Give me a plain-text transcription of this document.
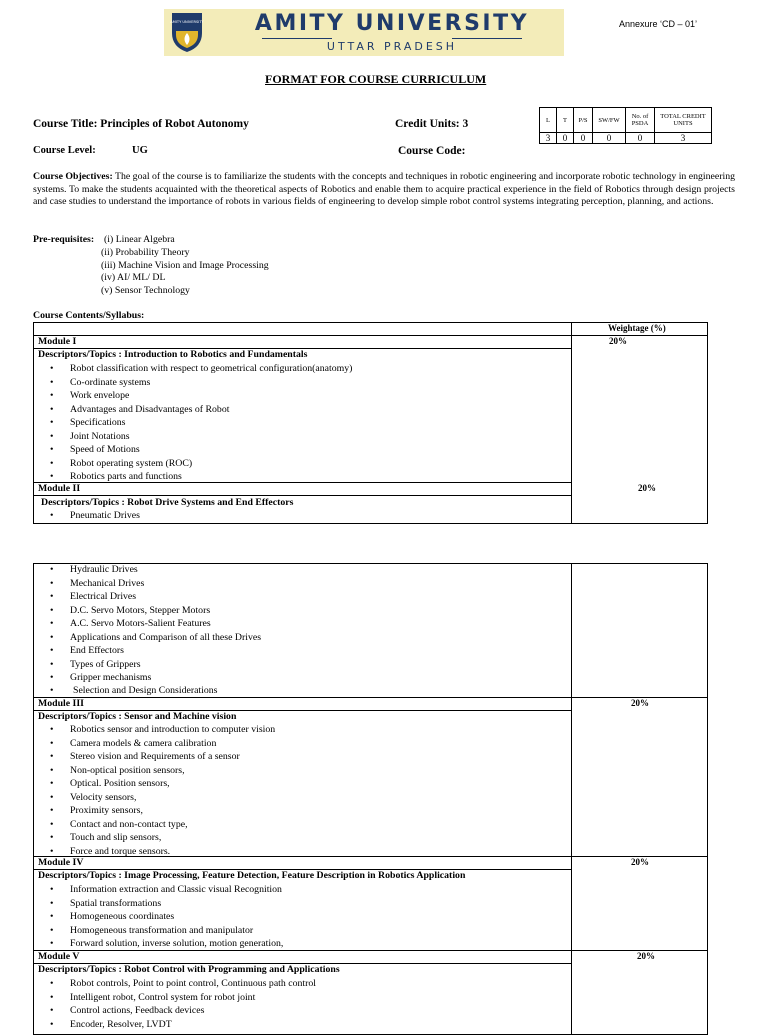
AMITY UNIVERSITY	AMITY UNIVERSITY
UTTAR PRADESH
Annexure ‘CD – 01’
FORMAT FOR COURSE CURRICULUM
Course Title: Principles of Robot Autonomy	Credit Units: 3	L	T	P/S	SW/FW	No. of PSDA	TOTAL CREDIT UNITS
3	0	0	0	0	3
Course Level:	UG	Course Code:
Course Objectives: The goal of the course is to familiarize the students with the concepts and techniques in robotic engineering and incorporate robotic technology in engineering systems. To make the students acquainted with the theoretical aspects of Robotics and enable them to acquire practical experience in the field of Robotics through design projects and case studies to understand the importance of robots in various fields of engineering to develop simple robot control systems integrating perception, planning, and actions.
Pre-requisites: (i) Linear Algebra
(ii) Probability Theory
(iii) Machine Vision and Image Processing
(iv) AI/ ML/ DL
(v) Sensor Technology
Course Contents/Syllabus:
Weightage (%)
Module I	20%
Descriptors/Topics : Introduction to Robotics and Fundamentals
• Robot classification with respect to geometrical configuration(anatomy)
• Co-ordinate systems
• Work envelope
• Advantages and Disadvantages of Robot
• Specifications
• Joint Notations
• Speed of Motions
• Robot operating system (ROC)
• Robotics parts and functions
Module II	20%
Descriptors/Topics : Robot Drive Systems and End Effectors
• Pneumatic Drives
• Hydraulic Drives
• Mechanical Drives
• Electrical Drives
• D.C. Servo Motors, Stepper Motors
• A.C. Servo Motors-Salient Features
• Applications and Comparison of all these Drives
• End Effectors
• Types of Grippers
• Gripper mechanisms
• Selection and Design Considerations
Module III	20%
Descriptors/Topics : Sensor and Machine vision
• Robotics sensor and introduction to computer vision
• Camera models & camera calibration
• Stereo vision and Requirements of a sensor
• Non-optical position sensors,
• Optical. Position sensors,
• Velocity sensors,
• Proximity sensors,
• Contact and non-contact type,
• Touch and slip sensors,
• Force and torque sensors.
Module IV	20%
Descriptors/Topics : Image Processing, Feature Detection, Feature Description in Robotics Application
• Information extraction and Classic visual Recognition
• Spatial transformations
• Homogeneous coordinates
• Homogeneous transformation and manipulator
• Forward solution, inverse solution, motion generation,
Module V	20%
Descriptors/Topics : Robot Control with Programming and Applications
• Robot controls, Point to point control, Continuous path control
• Intelligent robot, Control system for robot joint
• Control actions, Feedback devices
• Encoder, Resolver, LVDT
